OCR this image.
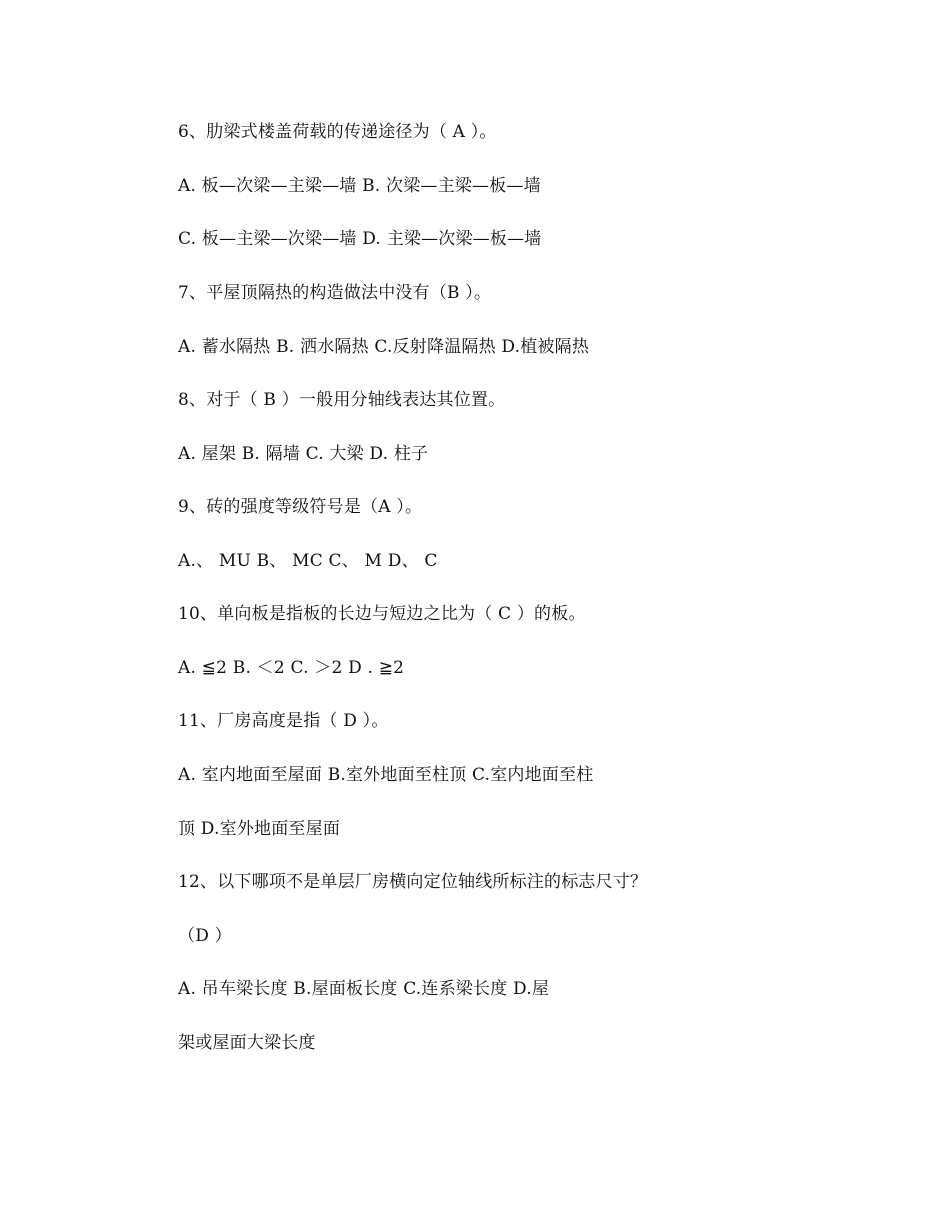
6、肋梁式楼盖荷载的传递途径为（ A ）。
A. 板—次梁—主梁—墙 B. 次梁—主梁—板—墙
C. 板—主梁—次梁—墙 D. 主梁—次梁—板—墙
7、平屋顶隔热的构造做法中没有（B ）。
A. 蓄水隔热 B. 洒水隔热 C.反射降温隔热 D.植被隔热
8、对于（ B ）一般用分轴线表达其位置。
A. 屋架 B. 隔墙 C. 大梁 D. 柱子
9、砖的强度等级符号是（A ）。
A.、 MU B、 MC C、 M D、 C
10、单向板是指板的长边与短边之比为（ C ）的板。
A. ≦2 B. ＜2 C. ＞2 D . ≧2
11、厂房高度是指（ D ）。
A. 室内地面至屋面 B.室外地面至柱顶 C.室内地面至柱
顶 D.室外地面至屋面
12、以下哪项不是单层厂房横向定位轴线所标注的标志尺寸？
（D ）
A. 吊车梁长度 B.屋面板长度 C.连系梁长度 D.屋
架或屋面大梁长度
